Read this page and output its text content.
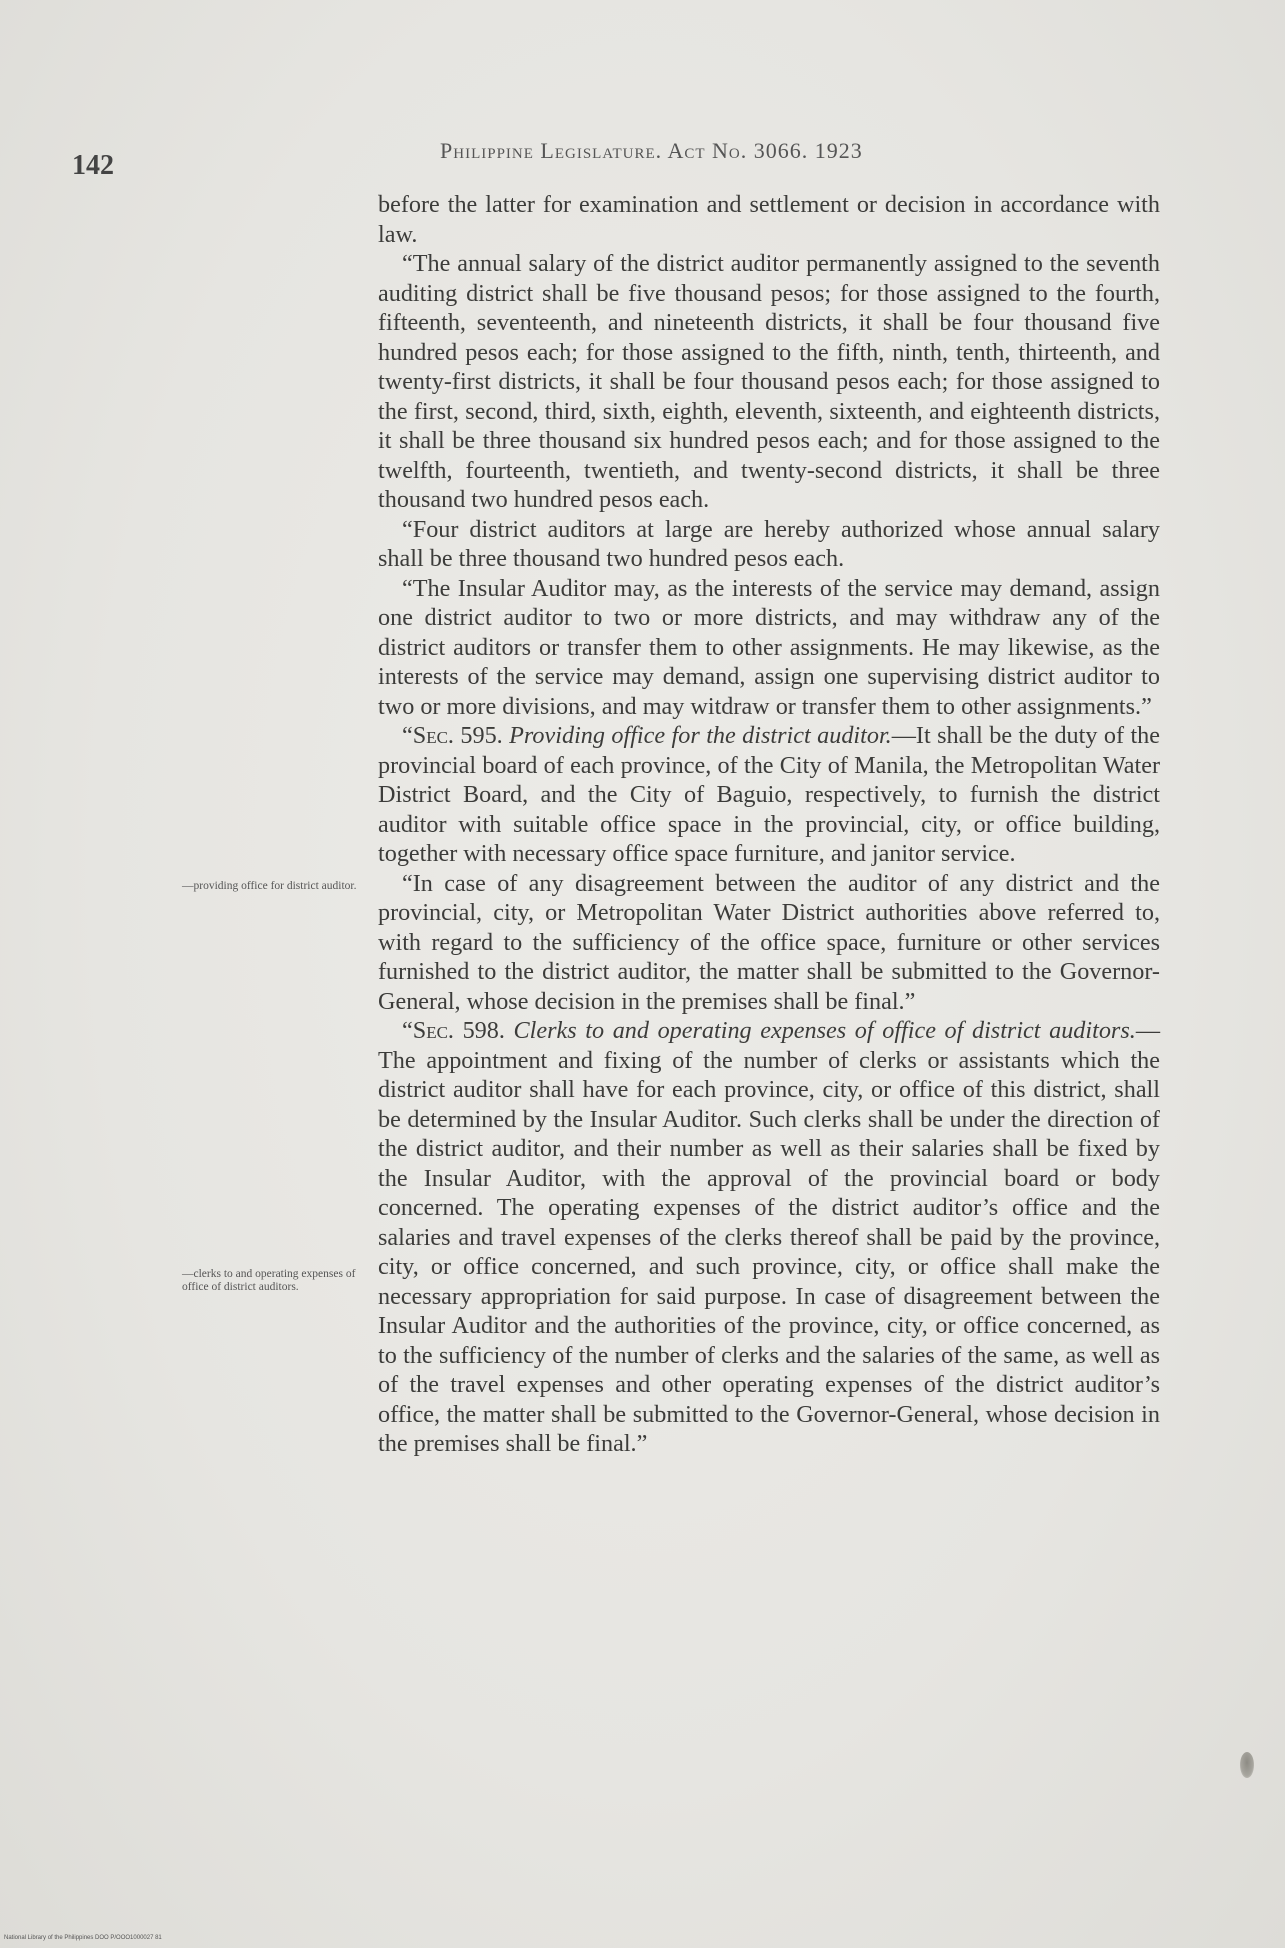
142	Philippine Legislature. Act No. 3066. 1923
—providing office for district auditor.
—clerks to and operating expenses of office of district auditors.

before the latter for examination and settlement or decision in accordance with law.

“The annual salary of the district auditor permanently assigned to the seventh auditing district shall be five thousand pesos; for those assigned to the fourth, fifteenth, seventeenth, and nineteenth districts, it shall be four thousand five hundred pesos each; for those assigned to the fifth, ninth, tenth, thirteenth, and twenty-first districts, it shall be four thousand pesos each; for those assigned to the first, second, third, sixth, eighth, eleventh, sixteenth, and eighteenth districts, it shall be three thousand six hundred pesos each; and for those assigned to the twelfth, fourteenth, twentieth, and twenty-second districts, it shall be three thousand two hundred pesos each.

“Four district auditors at large are hereby authorized whose annual salary shall be three thousand two hundred pesos each.

“The Insular Auditor may, as the interests of the service may demand, assign one district auditor to two or more districts, and may withdraw any of the district auditors or transfer them to other assignments. He may likewise, as the interests of the service may demand, assign one supervising district auditor to two or more divisions, and may witdraw or transfer them to other assignments.”

“Sec. 595. Providing office for the district auditor.—It shall be the duty of the provincial board of each province, of the City of Manila, the Metropolitan Water District Board, and the City of Baguio, respectively, to furnish the district auditor with suitable office space in the provincial, city, or office building, together with necessary office space furniture, and janitor service.

“In case of any disagreement between the auditor of any district and the provincial, city, or Metropolitan Water District authorities above referred to, with regard to the sufficiency of the office space, furniture or other services furnished to the district auditor, the matter shall be submitted to the Governor-General, whose decision in the premises shall be final.”

“Sec. 598. Clerks to and operating expenses of office of district auditors.—The appointment and fixing of the number of clerks or assistants which the district auditor shall have for each province, city, or office of this district, shall be determined by the Insular Auditor. Such clerks shall be under the direction of the district auditor, and their number as well as their salaries shall be fixed by the Insular Auditor, with the approval of the provincial board or body concerned. The operating expenses of the district auditor’s office and the salaries and travel expenses of the clerks thereof shall be paid by the province, city, or office concerned, and such province, city, or office shall make the necessary appropriation for said purpose. In case of disagreement between the Insular Auditor and the authorities of the province, city, or office concerned, as to the sufficiency of the number of clerks and the salaries of the same, as well as of the travel expenses and other operating expenses of the district auditor’s office, the matter shall be submitted to the Governor-General, whose decision in the premises shall be final.”

National Library of the Philippines DOO P/OOO1000027 81
